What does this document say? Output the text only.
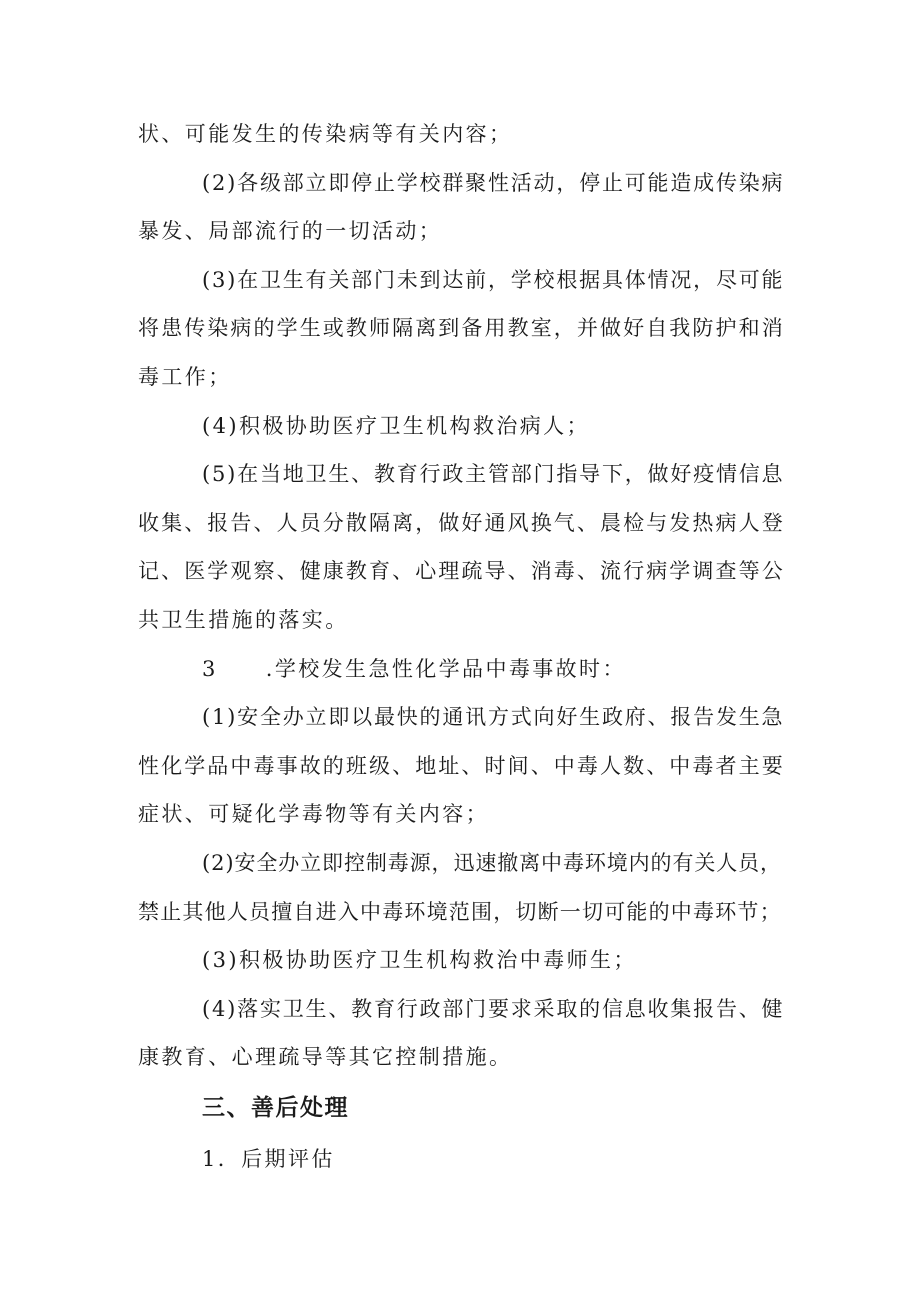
状、可能发生的传染病等有关内容；
(2)各级部立即停止学校群聚性活动，停止可能造成传染病
暴发、局部流行的一切活动；
(3)在卫生有关部门未到达前，学校根据具体情况，尽可能
将患传染病的学生或教师隔离到备用教室，并做好自我防护和消
毒工作；
(4)积极协助医疗卫生机构救治病人；
(5)在当地卫生、教育行政主管部门指导下，做好疫情信息
收集、报告、人员分散隔离，做好通风换气、晨检与发热病人登
记、医学观察、健康教育、心理疏导、消毒、流行病学调查等公
共卫生措施的落实。
3 .学校发生急性化学品中毒事故时：
(1)安全办立即以最快的通讯方式向好生政府、报告发生急
性化学品中毒事故的班级、地址、时间、中毒人数、中毒者主要
症状、可疑化学毒物等有关内容；
(2)安全办立即控制毒源，迅速撤离中毒环境内的有关人员，
禁止其他人员擅自进入中毒环境范围，切断一切可能的中毒环节；
(3)积极协助医疗卫生机构救治中毒师生；
(4)落实卫生、教育行政部门要求采取的信息收集报告、健
康教育、心理疏导等其它控制措施。
三、善后处理
1．后期评估
